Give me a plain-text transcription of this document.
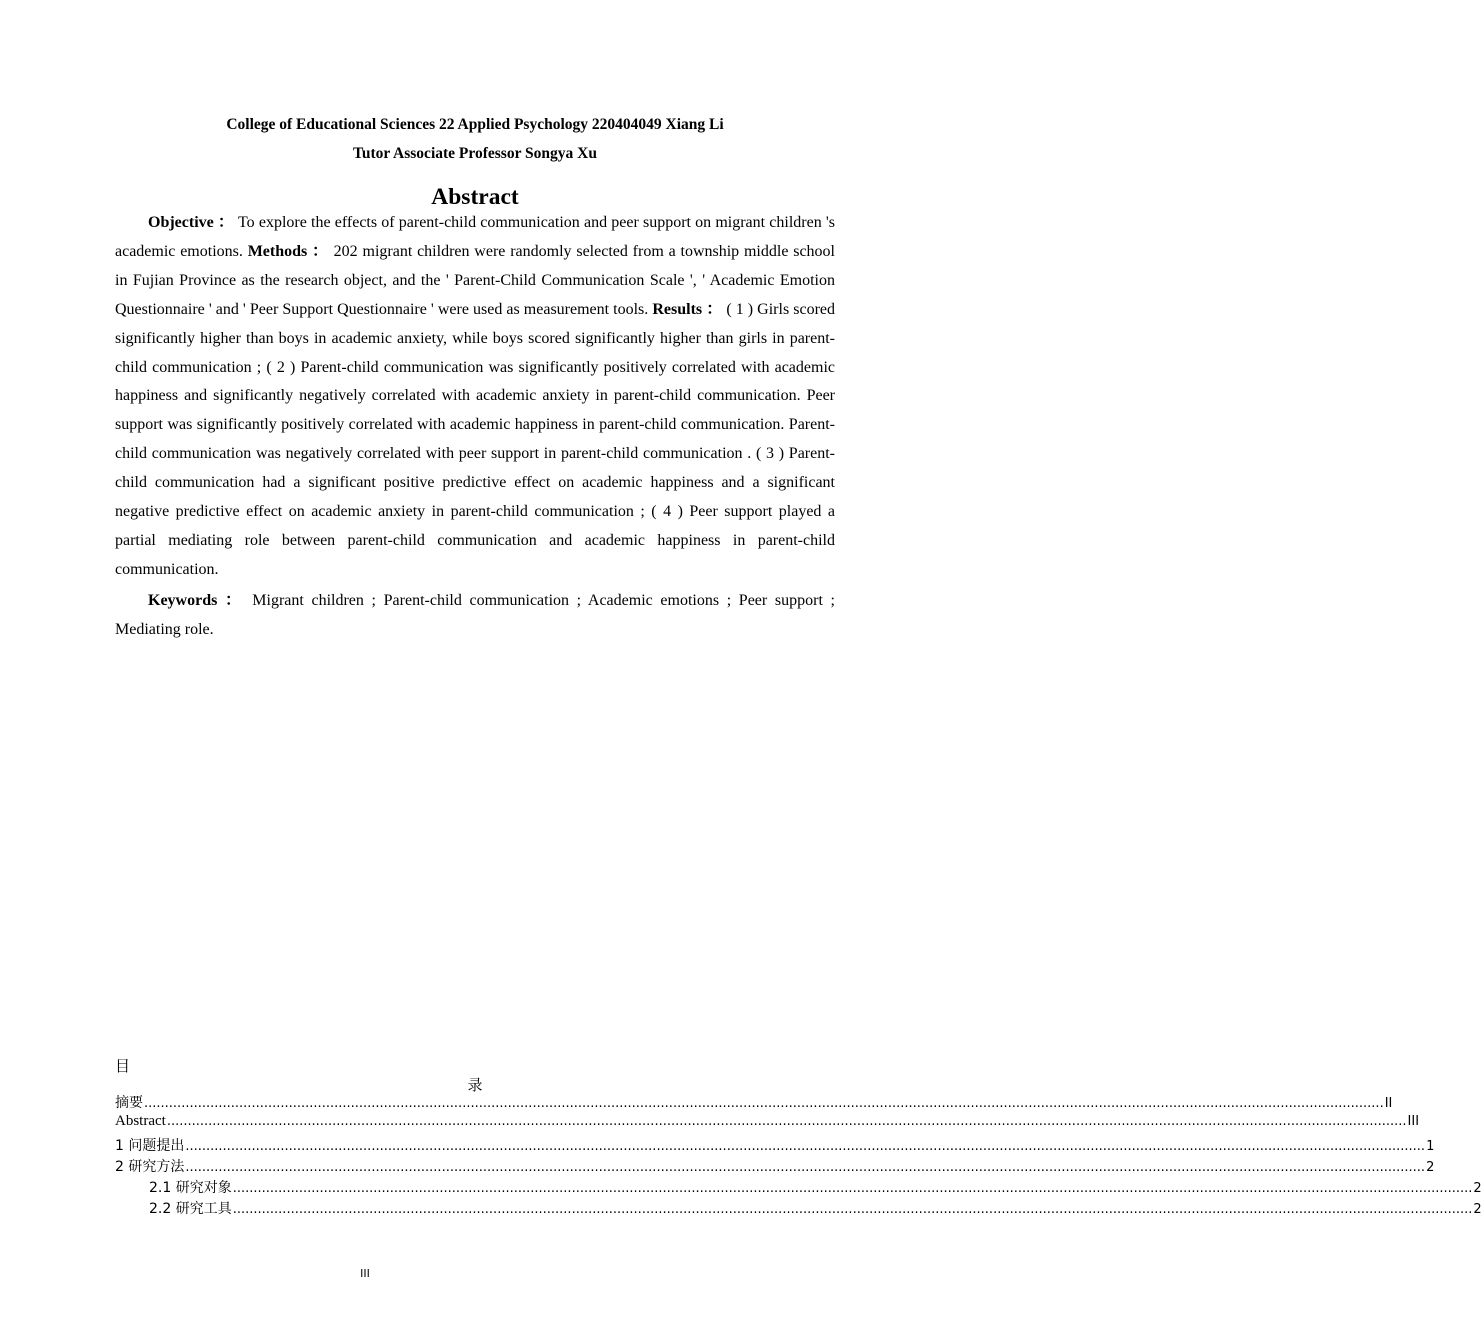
College of Educational Sciences 22 Applied Psychology 220404049 Xiang Li
Tutor Associate Professor Songya Xu
Abstract

Objective ： To explore the effects of parent-child communication and peer support on migrant children 's academic emotions. Methods ： 202 migrant children were randomly selected from a township middle school in Fujian Province as the research object, and the ' Parent-Child Communication Scale ', ' Academic Emotion Questionnaire ' and ' Peer Support Questionnaire ' were used as measurement tools. Results ： ( 1 ) Girls scored significantly higher than boys in academic anxiety, while boys scored significantly higher than girls in parent-child communication ; ( 2 ) Parent-child communication was significantly positively correlated with academic happiness and significantly negatively correlated with academic anxiety in parent-child communication. Peer support was significantly positively correlated with academic happiness in parent-child communication. Parent-child communication was negatively correlated with peer support in parent-child communication . ( 3 ) Parent-child communication had a significant positive predictive effect on academic happiness and a significant negative predictive effect on academic anxiety in parent-child communication ; ( 4 ) Peer support played a partial mediating role between parent-child communication and academic happiness in parent-child communication.

Keywords ： Migrant children ; Parent-child communication ; Academic emotions ; Peer support ; Mediating role.

目
录
摘要 ............................................................................................................................................................................................................................................................................................................ II
Abstract ............................................................................................................................................................................................................................................................................................................ III
1 问题提出 ............................................................................................................................................................................................................................................................................................................ 1
2 研究方法 ............................................................................................................................................................................................................................................................................................................ 2
2.1 研究对象 ............................................................................................................................................................................................................................................................................................................ 2
2.2 研究工具 ............................................................................................................................................................................................................................................................................................................ 2
III
